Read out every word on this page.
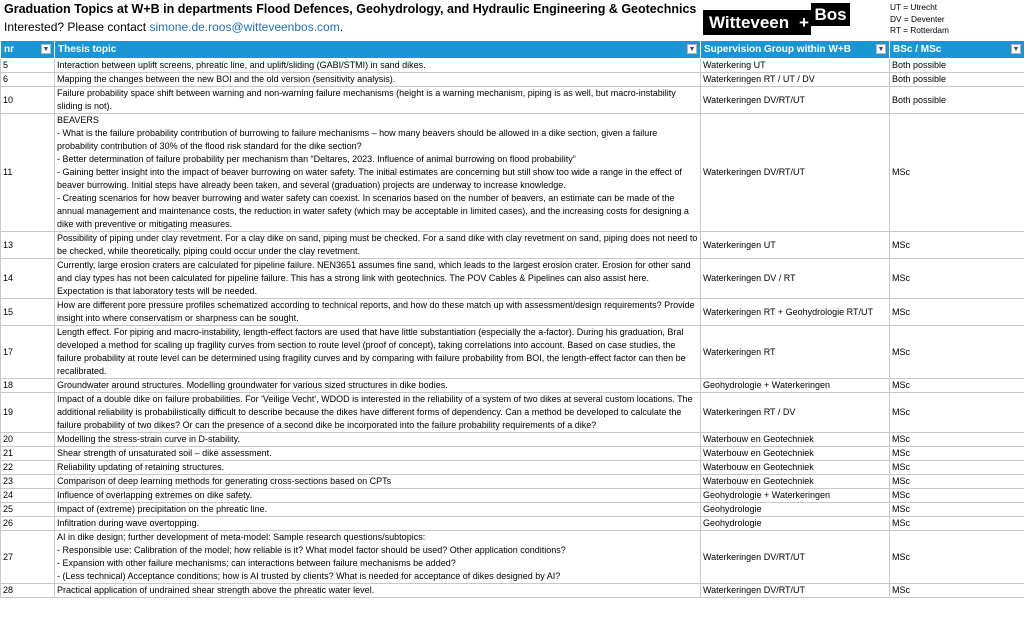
Graduation Topics at W+B in departments Flood Defences, Geohydrology, and Hydraulic Engineering & Geotechnics
Interested? Please contact simone.de.roos@witteveenbos.com.	Witteveen + Bos	UT = Utrecht
DV = Deventer
RT = Rotterdam
nr ▼	Thesis topic ▼	Supervision Group within W+B ▼	BSc / MSc ▼

5	Interaction between uplift screens, phreatic line, and uplift/sliding (GABI/STMI) in sand dikes.	Waterkering UT	Both possible
6	Mapping the changes between the new BOI and the old version (sensitivity analysis).	Waterkeringen RT / UT / DV	Both possible
10	Failure probability space shift between warning and non-warning failure mechanisms (height is a warning mechanism, piping is as well, but macro-instability sliding is not).	Waterkeringen DV/RT/UT	Both possible
11	BEAVERS
- What is the failure probability contribution of burrowing to failure mechanisms – how many beavers should be allowed in a dike section, given a failure probability contribution of 30% of the flood risk standard for the dike section?
- Better determination of failure probability per mechanism than “Deltares, 2023. Influence of animal burrowing on flood probability”
- Gaining better insight into the impact of beaver burrowing on water safety. The initial estimates are concerning but still show too wide a range in the effect of beaver burrowing. Initial steps have already been taken, and several (graduation) projects are underway to increase knowledge.
- Creating scenarios for how beaver burrowing and water safety can coexist. In scenarios based on the number of beavers, an estimate can be made of the annual management and maintenance costs, the reduction in water safety (which may be acceptable in limited cases), and the increasing costs for designing a dike with preventive or mitigating measures.	Waterkeringen DV/RT/UT	MSc
13	Possibility of piping under clay revetment. For a clay dike on sand, piping must be checked. For a sand dike with clay revetment on sand, piping does not need to be checked, while theoretically, piping could occur under the clay revetment.	Waterkeringen UT	MSc
14	Currently, large erosion craters are calculated for pipeline failure. NEN3651 assumes fine sand, which leads to the largest erosion crater. Erosion for other sand and clay types has not been calculated for pipeline failure. This has a strong link with geotechnics. The POV Cables & Pipelines can also assist here. Expectation is that laboratory tests will be needed.	Waterkeringen DV / RT	MSc
15	How are different pore pressure profiles schematized according to technical reports, and how do these match up with assessment/design requirements? Provide insight into where conservatism or sharpness can be sought.	Waterkeringen RT + Geohydrologie RT/UT	MSc
17	Length effect. For piping and macro-instability, length-effect factors are used that have little substantiation (especially the a-factor). During his graduation, Bral developed a method for scaling up fragility curves from section to route level (proof of concept), taking correlations into account. Based on case studies, the failure probability at route level can be determined using fragility curves and by comparing with failure probability from BOI, the length-effect factor can then be recalibrated.	Waterkeringen RT	MSc
18	Groundwater around structures. Modelling groundwater for various sized structures in dike bodies.	Geohydrologie + Waterkeringen	MSc
19	Impact of a double dike on failure probabilities. For 'Veilige Vecht', WDOD is interested in the reliability of a system of two dikes at several custom locations. The additional reliability is probabilistically difficult to describe because the dikes have different forms of dependency. Can a method be developed to calculate the failure probability of two dikes? Or can the presence of a second dike be incorporated into the failure probability requirements of a dike?	Waterkeringen RT / DV	MSc
20	Modelling the stress-strain curve in D-stability.	Waterbouw en Geotechniek	MSc
21	Shear strength of unsaturated soil – dike assessment.	Waterbouw en Geotechniek	MSc
22	Reliability updating of retaining structures.	Waterbouw en Geotechniek	MSc
23	Comparison of deep learning methods for generating cross-sections based on CPTs	Waterbouw en Geotechniek	MSc
24	Influence of overlapping extremes on dike safety.	Geohydrologie + Waterkeringen	MSc
25	Impact of (extreme) precipitation on the phreatic line.	Geohydrologie	MSc
26	Infiltration during wave overtopping.	Geohydrologie	MSc
27	AI in dike design; further development of meta-model: Sample research questions/subtopics:
- Responsible use: Calibration of the model; how reliable is it? What model factor should be used? Other application conditions?
- Expansion with other failure mechanisms; can interactions between failure mechanisms be added?
- (Less technical) Acceptance conditions; how is AI trusted by clients? What is needed for acceptance of dikes designed by AI?	Waterkeringen DV/RT/UT	MSc
28	Practical application of undrained shear strength above the phreatic water level.	Waterkeringen DV/RT/UT	MSc
